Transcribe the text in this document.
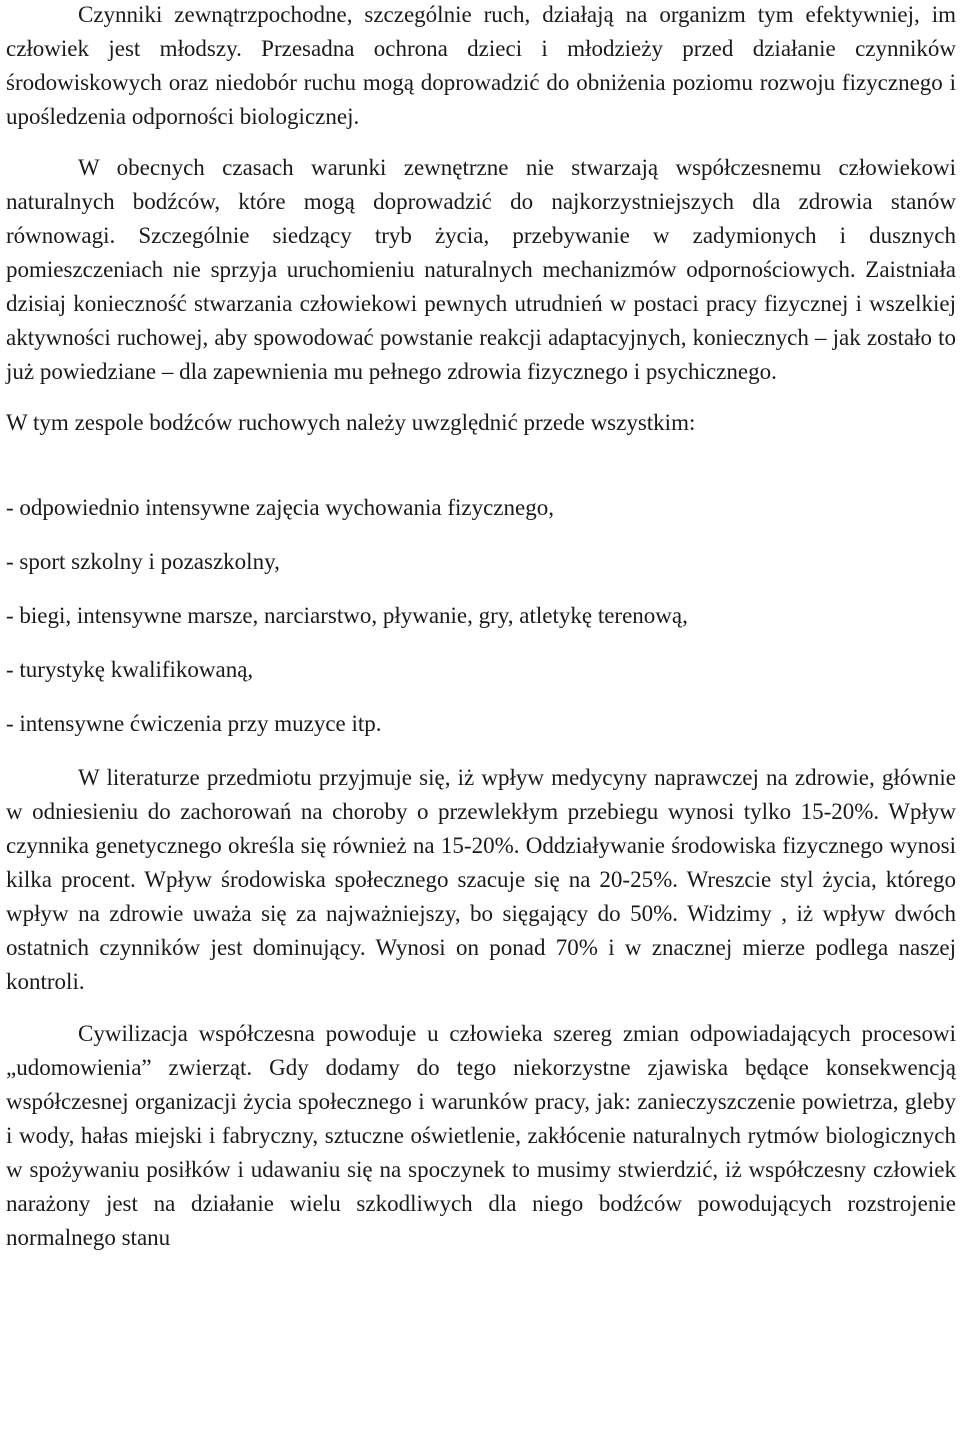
Czynniki zewnątrzpochodne, szczególnie ruch, działają na organizm tym efektywniej, im człowiek jest młodszy. Przesadna ochrona dzieci i młodzieży przed działanie czynników środowiskowych oraz niedobór ruchu mogą doprowadzić do obniżenia poziomu rozwoju fizycznego i upośledzenia odporności biologicznej.

W obecnych czasach warunki zewnętrzne nie stwarzają współczesnemu człowiekowi naturalnych bodźców, które mogą doprowadzić do najkorzystniejszych dla zdrowia stanów równowagi. Szczególnie siedzący tryb życia, przebywanie w zadymionych i dusznych pomieszczeniach nie sprzyja uruchomieniu naturalnych mechanizmów odpornościowych. Zaistniała dzisiaj konieczność stwarzania człowiekowi pewnych utrudnień w postaci pracy fizycznej i wszelkiej aktywności ruchowej, aby spowodować powstanie reakcji adaptacyjnych, koniecznych – jak zostało to już powiedziane – dla zapewnienia mu pełnego zdrowia fizycznego i psychicznego.

W tym zespole bodźców ruchowych należy uwzględnić przede wszystkim:

- odpowiednio intensywne zajęcia wychowania fizycznego,
- sport szkolny i pozaszkolny,
- biegi, intensywne marsze, narciarstwo, pływanie, gry, atletykę terenową,
- turystykę kwalifikowaną,
- intensywne ćwiczenia przy muzyce itp.

W literaturze przedmiotu przyjmuje się, iż wpływ medycyny naprawczej na zdrowie, głównie w odniesieniu do zachorowań na choroby o przewlekłym przebiegu wynosi tylko 15-20%. Wpływ czynnika genetycznego określa się również na 15-20%. Oddziaływanie środowiska fizycznego wynosi kilka procent. Wpływ środowiska społecznego szacuje się na 20-25%. Wreszcie styl życia, którego wpływ na zdrowie uważa się za najważniejszy, bo sięgający do 50%. Widzimy , iż wpływ dwóch ostatnich czynników jest dominujący. Wynosi on ponad 70% i w znacznej mierze podlega naszej kontroli.

Cywilizacja współczesna powoduje u człowieka szereg zmian odpowiadających procesowi „udomowienia” zwierząt. Gdy dodamy do tego niekorzystne zjawiska będące konsekwencją współczesnej organizacji życia społecznego i warunków pracy, jak: zanieczyszczenie powietrza, gleby i wody, hałas miejski i fabryczny, sztuczne oświetlenie, zakłócenie naturalnych rytmów biologicznych w spożywaniu posiłków i udawaniu się na spoczynek to musimy stwierdzić, iż współczesny człowiek narażony jest na działanie wielu szkodliwych dla niego bodźców powodujących rozstrojenie normalnego stanu
